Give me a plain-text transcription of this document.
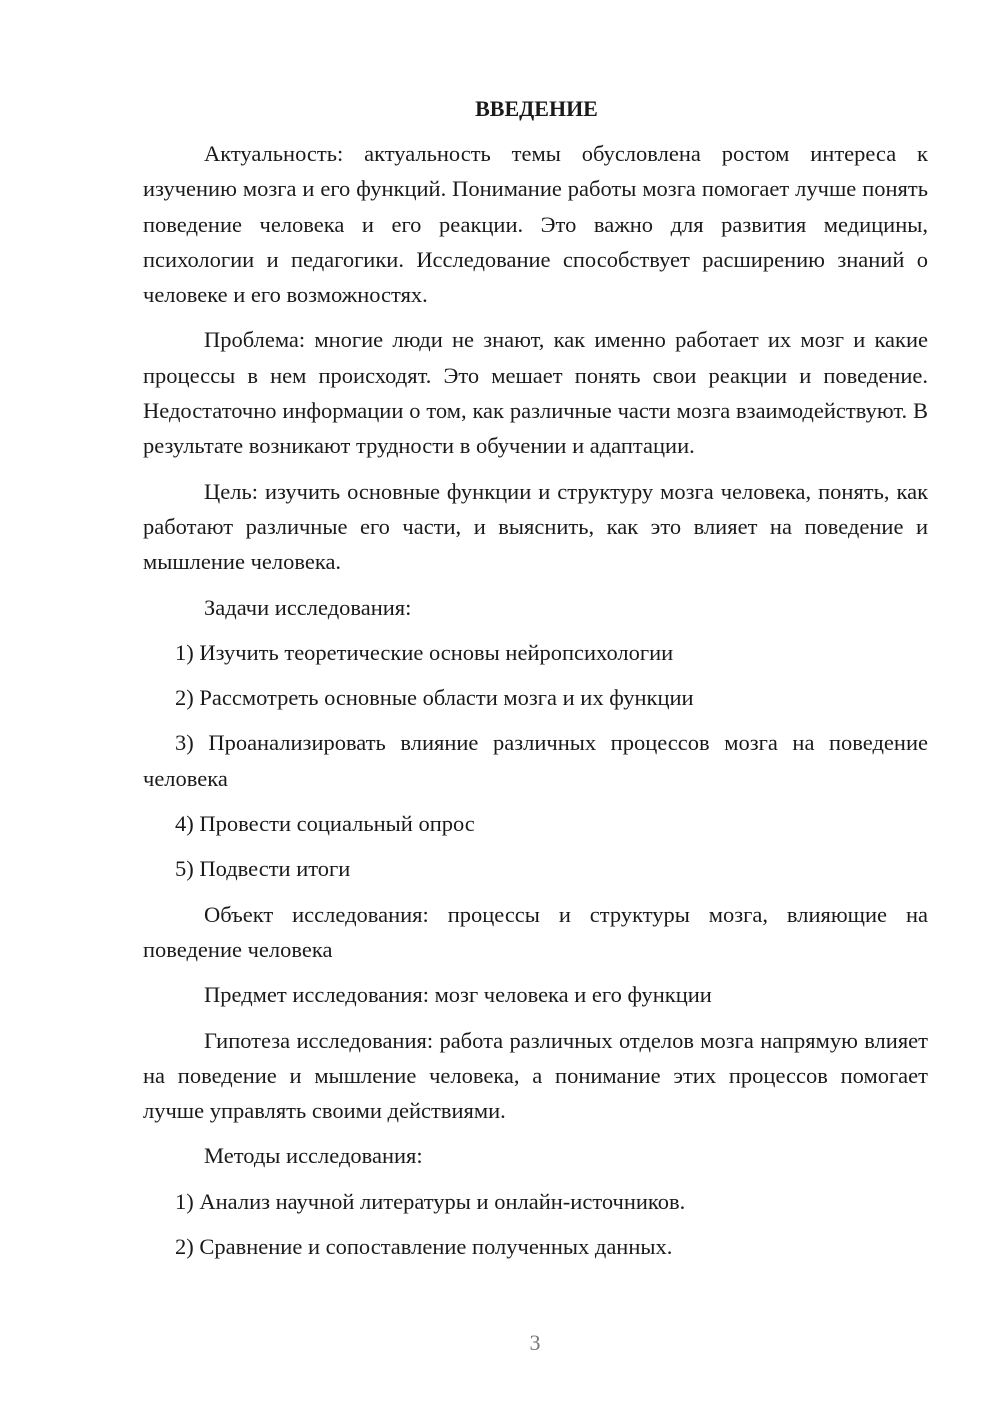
ВВЕДЕНИЕ

Актуальность: актуальность темы обусловлена ростом интереса к изучению мозга и его функций. Понимание работы мозга помогает лучше понять поведение человека и его реакции. Это важно для развития медицины, психологии и педагогики. Исследование способствует расширению знаний о человеке и его возможностях.

Проблема: многие люди не знают, как именно работает их мозг и какие процессы в нем происходят. Это мешает понять свои реакции и поведение. Недостаточно информации о том, как различные части мозга взаимодействуют. В результате возникают трудности в обучении и адаптации.

Цель: изучить основные функции и структуру мозга человека, понять, как работают различные его части, и выяснить, как это влияет на поведение и мышление человека.

Задачи исследования:

1) Изучить теоретические основы нейропсихологии

2) Рассмотреть основные области мозга и их функции

3) Проанализировать влияние различных процессов мозга на поведение человека

4) Провести социальный опрос

5) Подвести итоги

Объект исследования: процессы и структуры мозга, влияющие на поведение человека

Предмет исследования: мозг человека и его функции

Гипотеза исследования: работа различных отделов мозга напрямую влияет на поведение и мышление человека, а понимание этих процессов помогает лучше управлять своими действиями.

Методы исследования:

1) Анализ научной литературы и онлайн-источников.

2) Сравнение и сопоставление полученных данных.

3
